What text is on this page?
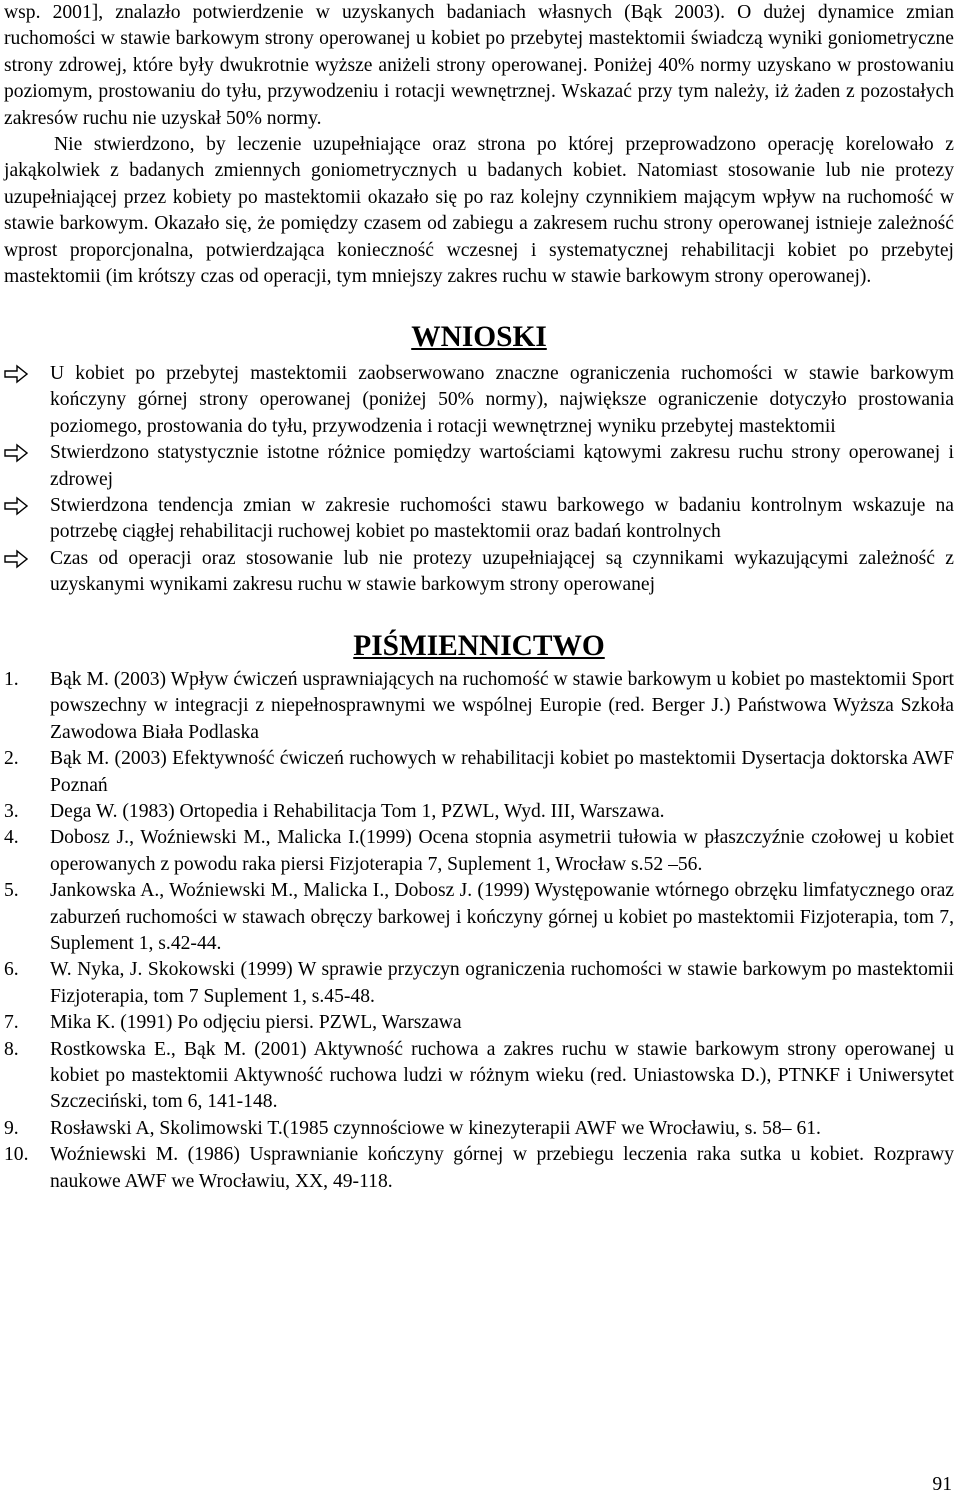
wsp. 2001], znalazło potwierdzenie w uzyskanych badaniach własnych (Bąk 2003). O dużej dynamice zmian ruchomości w stawie barkowym strony operowanej u kobiet po przebytej mastektomii świadczą wyniki goniometryczne strony zdrowej, które były dwukrotnie wyższe aniżeli strony operowanej. Poniżej 40% normy uzyskano w prostowaniu poziomym, prostowaniu do tyłu, przywodzeniu i rotacji wewnętrznej. Wskazać przy tym należy, iż żaden z pozostałych zakresów ruchu nie uzyskał 50% normy.

Nie stwierdzono, by leczenie uzupełniające oraz strona po której przeprowadzono operację korelowało z jakąkolwiek z badanych zmiennych goniometrycznych u badanych kobiet. Natomiast stosowanie lub nie protezy uzupełniającej przez kobiety po mastektomii okazało się po raz kolejny czynnikiem mającym wpływ na ruchomość w stawie barkowym. Okazało się, że pomiędzy czasem od zabiegu a zakresem ruchu strony operowanej istnieje zależność wprost proporcjonalna, potwierdzająca konieczność wczesnej i systematycznej rehabilitacji kobiet po przebytej mastektomii (im krótszy czas od operacji, tym mniejszy zakres ruchu w stawie barkowym strony operowanej).

WNIOSKI
U kobiet po przebytej mastektomii zaobserwowano znaczne ograniczenia ruchomości w stawie barkowym kończyny górnej strony operowanej (poniżej 50% normy), największe ograniczenie dotyczyło prostowania poziomego, prostowania do tyłu, przywodzenia i rotacji wewnętrznej wyniku przebytej mastektomii
Stwierdzono statystycznie istotne różnice pomiędzy wartościami kątowymi zakresu ruchu strony operowanej i zdrowej
Stwierdzona tendencja zmian w zakresie ruchomości stawu barkowego w badaniu kontrolnym wskazuje na potrzebę ciągłej rehabilitacji ruchowej kobiet po mastektomii oraz badań kontrolnych
Czas od operacji oraz stosowanie lub nie protezy uzupełniającej są czynnikami wykazującymi zależność z uzyskanymi wynikami zakresu ruchu w stawie barkowym strony operowanej
PIŚMIENNICTWO
1. Bąk M. (2003) Wpływ ćwiczeń usprawniających na ruchomość w stawie barkowym u kobiet po mastektomii Sport powszechny w integracji z niepełnosprawnymi we wspólnej Europie (red. Berger J.) Państwowa Wyższa Szkoła Zawodowa Biała Podlaska
2. Bąk M. (2003) Efektywność ćwiczeń ruchowych w rehabilitacji kobiet po mastektomii Dysertacja doktorska AWF Poznań
3. Dega W. (1983) Ortopedia i Rehabilitacja Tom 1, PZWL, Wyd. III, Warszawa.
4. Dobosz J., Woźniewski M., Malicka I.(1999) Ocena stopnia asymetrii tułowia w płaszczyźnie czołowej u kobiet operowanych z powodu raka piersi Fizjoterapia 7, Suplement 1, Wrocław s.52 –56.
5. Jankowska A., Woźniewski M., Malicka I., Dobosz J. (1999) Występowanie wtórnego obrzęku limfatycznego oraz zaburzeń ruchomości w stawach obręczy barkowej i kończyny górnej u kobiet po mastektomii Fizjoterapia, tom 7, Suplement 1, s.42-44.
6. W. Nyka, J. Skokowski (1999) W sprawie przyczyn ograniczenia ruchomości w stawie barkowym po mastektomii Fizjoterapia, tom 7 Suplement 1, s.45-48.
7. Mika K. (1991) Po odjęciu piersi. PZWL, Warszawa
8. Rostkowska E., Bąk M. (2001) Aktywność ruchowa a zakres ruchu w stawie barkowym strony operowanej u kobiet po mastektomii Aktywność ruchowa ludzi w różnym wieku (red. Uniastowska D.), PTNKF i Uniwersytet Szczeciński, tom 6, 141-148.
9. Rosławski A, Skolimowski T.(1985 czynnościowe w kinezyterapii AWF we Wrocławiu, s. 58– 61.
10. Woźniewski M. (1986) Usprawnianie kończyny górnej w przebiegu leczenia raka sutka u kobiet. Rozprawy naukowe AWF we Wrocławiu, XX, 49-118.
91
